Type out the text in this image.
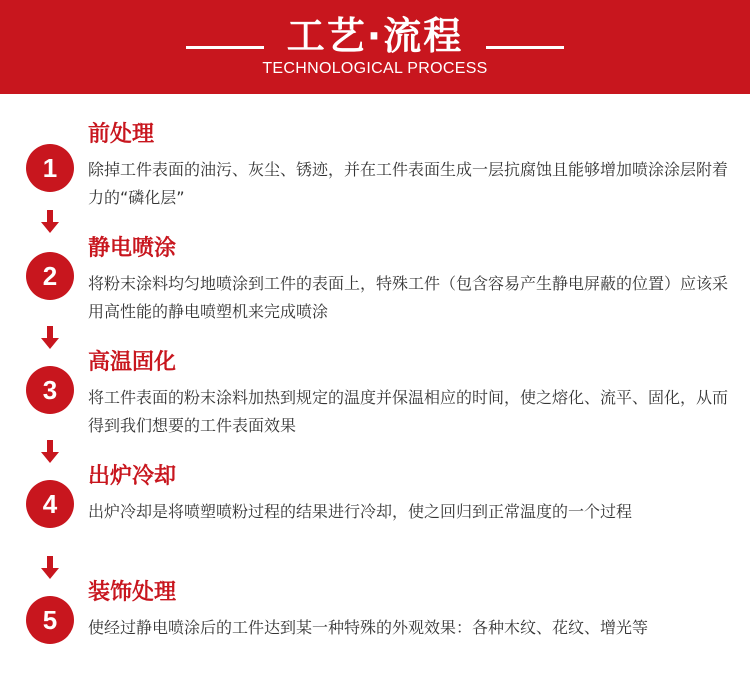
工艺·流程
TECHNOLOGICAL PROCESS
1
前处理
除掉工件表面的油污、灰尘、锈迹，并在工件表面生成一层抗腐蚀且能够增加喷涂涂层附着力的“磷化层”
2
静电喷涂
将粉末涂料均匀地喷涂到工件的表面上，特殊工件（包含容易产生静电屏蔽的位置）应该采用高性能的静电喷塑机来完成喷涂
3
高温固化
将工件表面的粉末涂料加热到规定的温度并保温相应的时间，使之熔化、流平、固化，从而得到我们想要的工件表面效果
4
出炉冷却
出炉冷却是将喷塑喷粉过程的结果进行冷却，使之回归到正常温度的一个过程
5
装饰处理
使经过静电喷涂后的工件达到某一种特殊的外观效果：各种木纹、花纹、增光等
